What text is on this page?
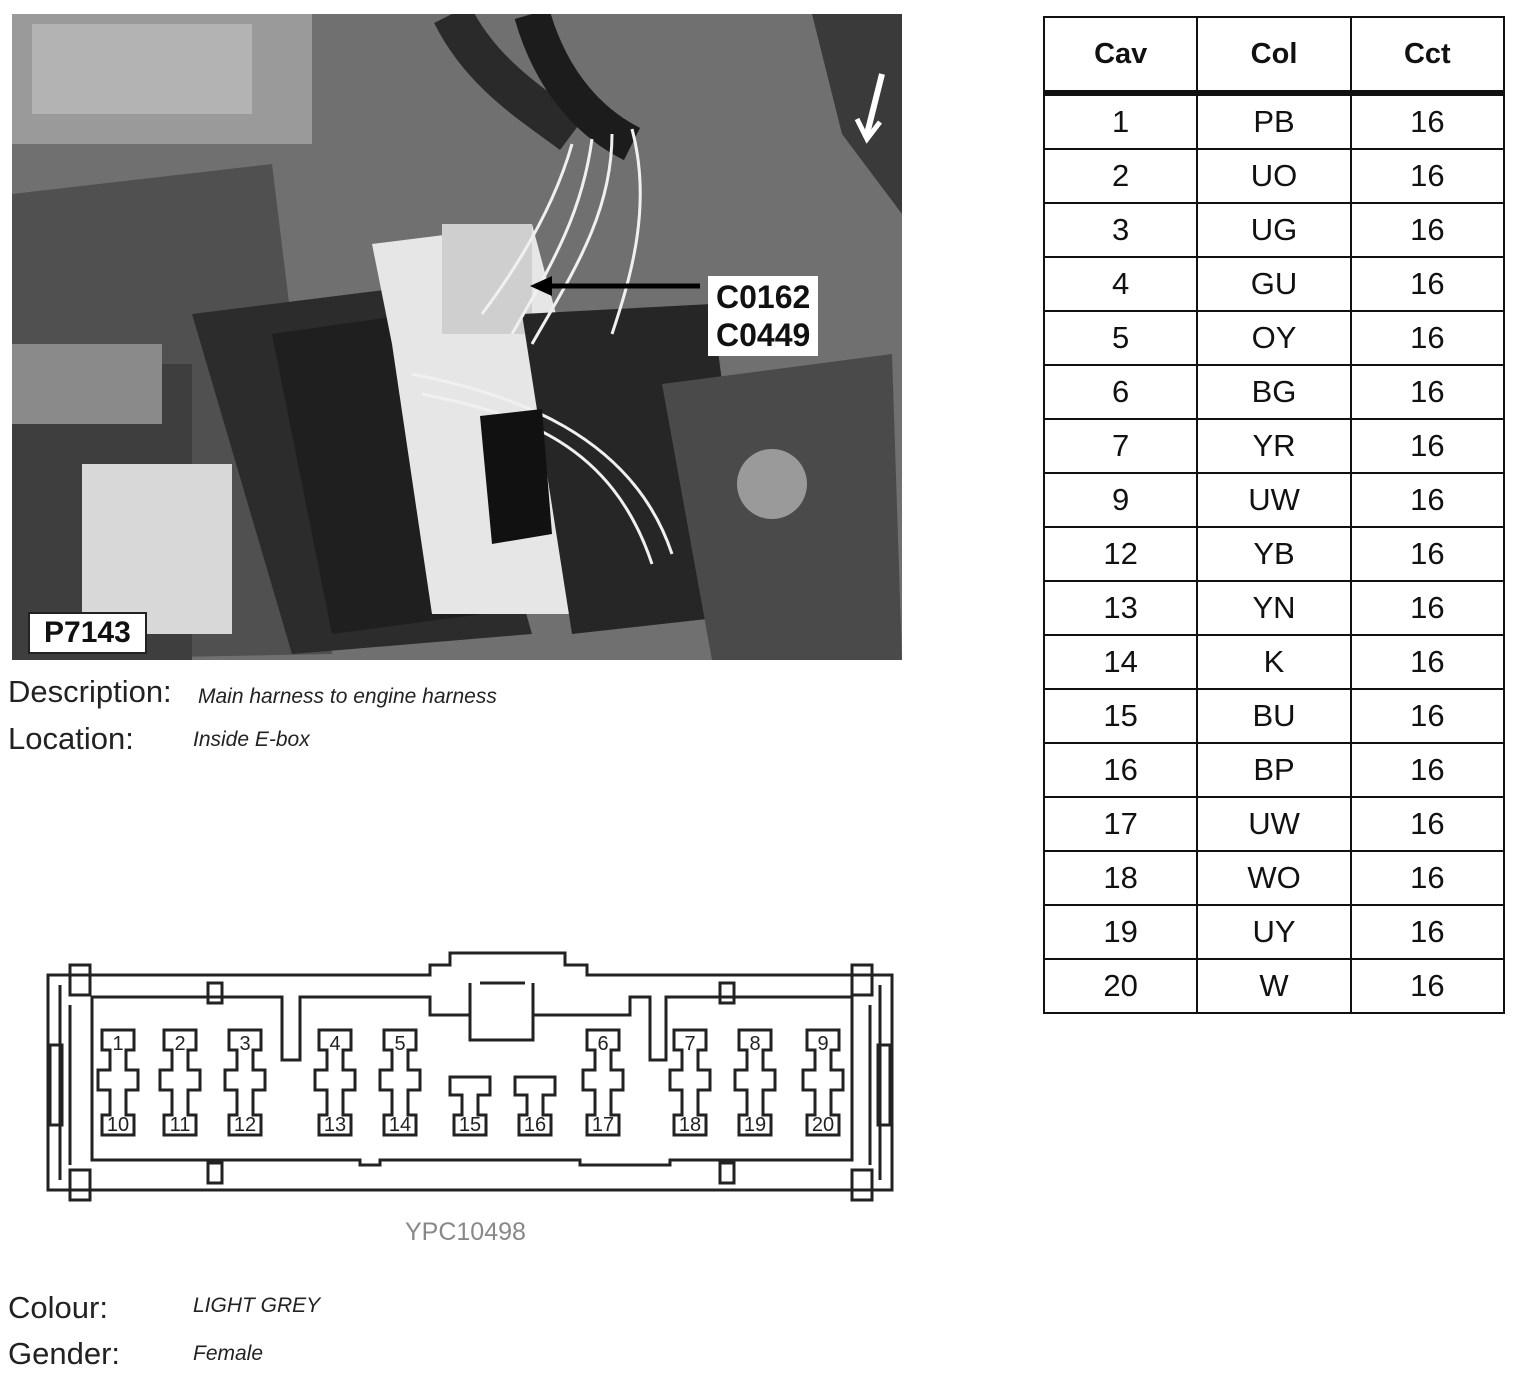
P7143
C0162
C0449
Description: Main harness to engine harness
Location:	Inside E-box
Cav	Col	Cct
1	PB	16
2	UO	16
3	UG	16
4	GU	16
5	OY	16
6	BG	16
7	YR	16
9	UW	16
12	YB	16
13	YN	16
14	K	16
15	BU	16
16	BP	16
17	UW	16
18	WO	16
19	UY	16
20	W	16
1	2	3	4	5	6	7	8	9
10 11 12	13 14 15 16 17	18 19 20
YPC10498
Colour:	LIGHT GREY
Gender:	Female
